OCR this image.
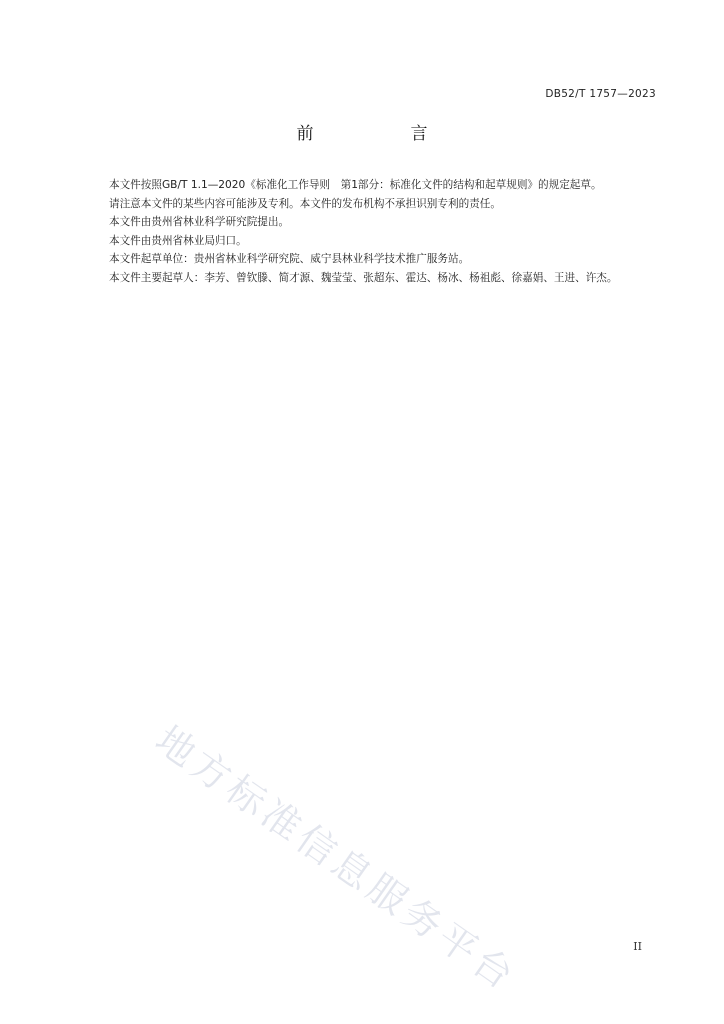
DB52/T 1757—2023
前　言

本文件按照GB/T 1.1—2020《标准化工作导则　第1部分：标准化文件的结构和起草规则》的规定起草。

请注意本文件的某些内容可能涉及专利。本文件的发布机构不承担识别专利的责任。

本文件由贵州省林业科学研究院提出。

本文件由贵州省林业局归口。

本文件起草单位：贵州省林业科学研究院、威宁县林业科学技术推广服务站。

本文件主要起草人：李芳、曾钦滕、简才源、魏莹莹、张超东、霍达、杨冰、杨祖彪、徐嘉娟、王进、许杰。

地方标准信息服务平台	II
